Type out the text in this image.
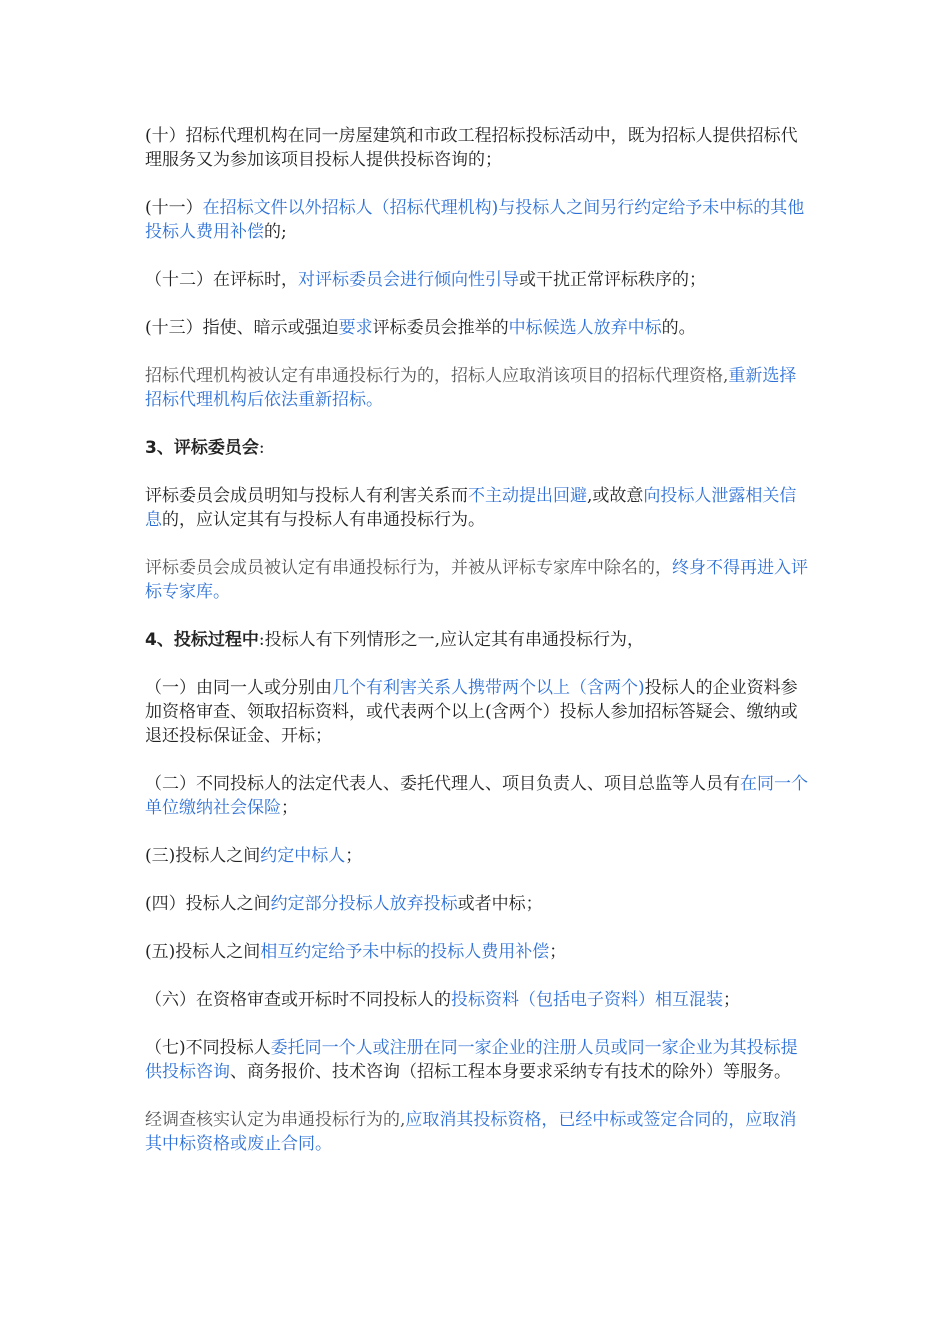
(十）招标代理机构在同一房屋建筑和市政工程招标投标活动中，既为招标人提供招标代理服务又为参加该项目投标人提供投标咨询的；

(十一）在招标文件以外招标人（招标代理机构)与投标人之间另行约定给予未中标的其他投标人费用补偿的;

（十二）在评标时，对评标委员会进行倾向性引导或干扰正常评标秩序的；

(十三）指使、暗示或强迫要求评标委员会推举的中标候选人放弃中标的。

招标代理机构被认定有串通投标行为的，招标人应取消该项目的招标代理资格,重新选择招标代理机构后依法重新招标。

3、评标委员会:

评标委员会成员明知与投标人有利害关系而不主动提出回避,或故意向投标人泄露相关信息的，应认定其有与投标人有串通投标行为。

评标委员会成员被认定有串通投标行为，并被从评标专家库中除名的，终身不得再进入评标专家库。

4、投标过程中:投标人有下列情形之一,应认定其有串通投标行为，

（一）由同一人或分别由几个有利害关系人携带两个以上（含两个)投标人的企业资料参加资格审查、领取招标资料，或代表两个以上(含两个）投标人参加招标答疑会、缴纳或退还投标保证金、开标；

（二）不同投标人的法定代表人、委托代理人、项目负责人、项目总监等人员有在同一个单位缴纳社会保险；

(三)投标人之间约定中标人；

(四）投标人之间约定部分投标人放弃投标或者中标；

(五)投标人之间相互约定给予未中标的投标人费用补偿；

（六）在资格审查或开标时不同投标人的投标资料（包括电子资料）相互混装；

（七)不同投标人委托同一个人或注册在同一家企业的注册人员或同一家企业为其投标提供投标咨询、商务报价、技术咨询（招标工程本身要求采纳专有技术的除外）等服务。

经调查核实认定为串通投标行为的,应取消其投标资格，已经中标或签定合同的，应取消其中标资格或废止合同。
